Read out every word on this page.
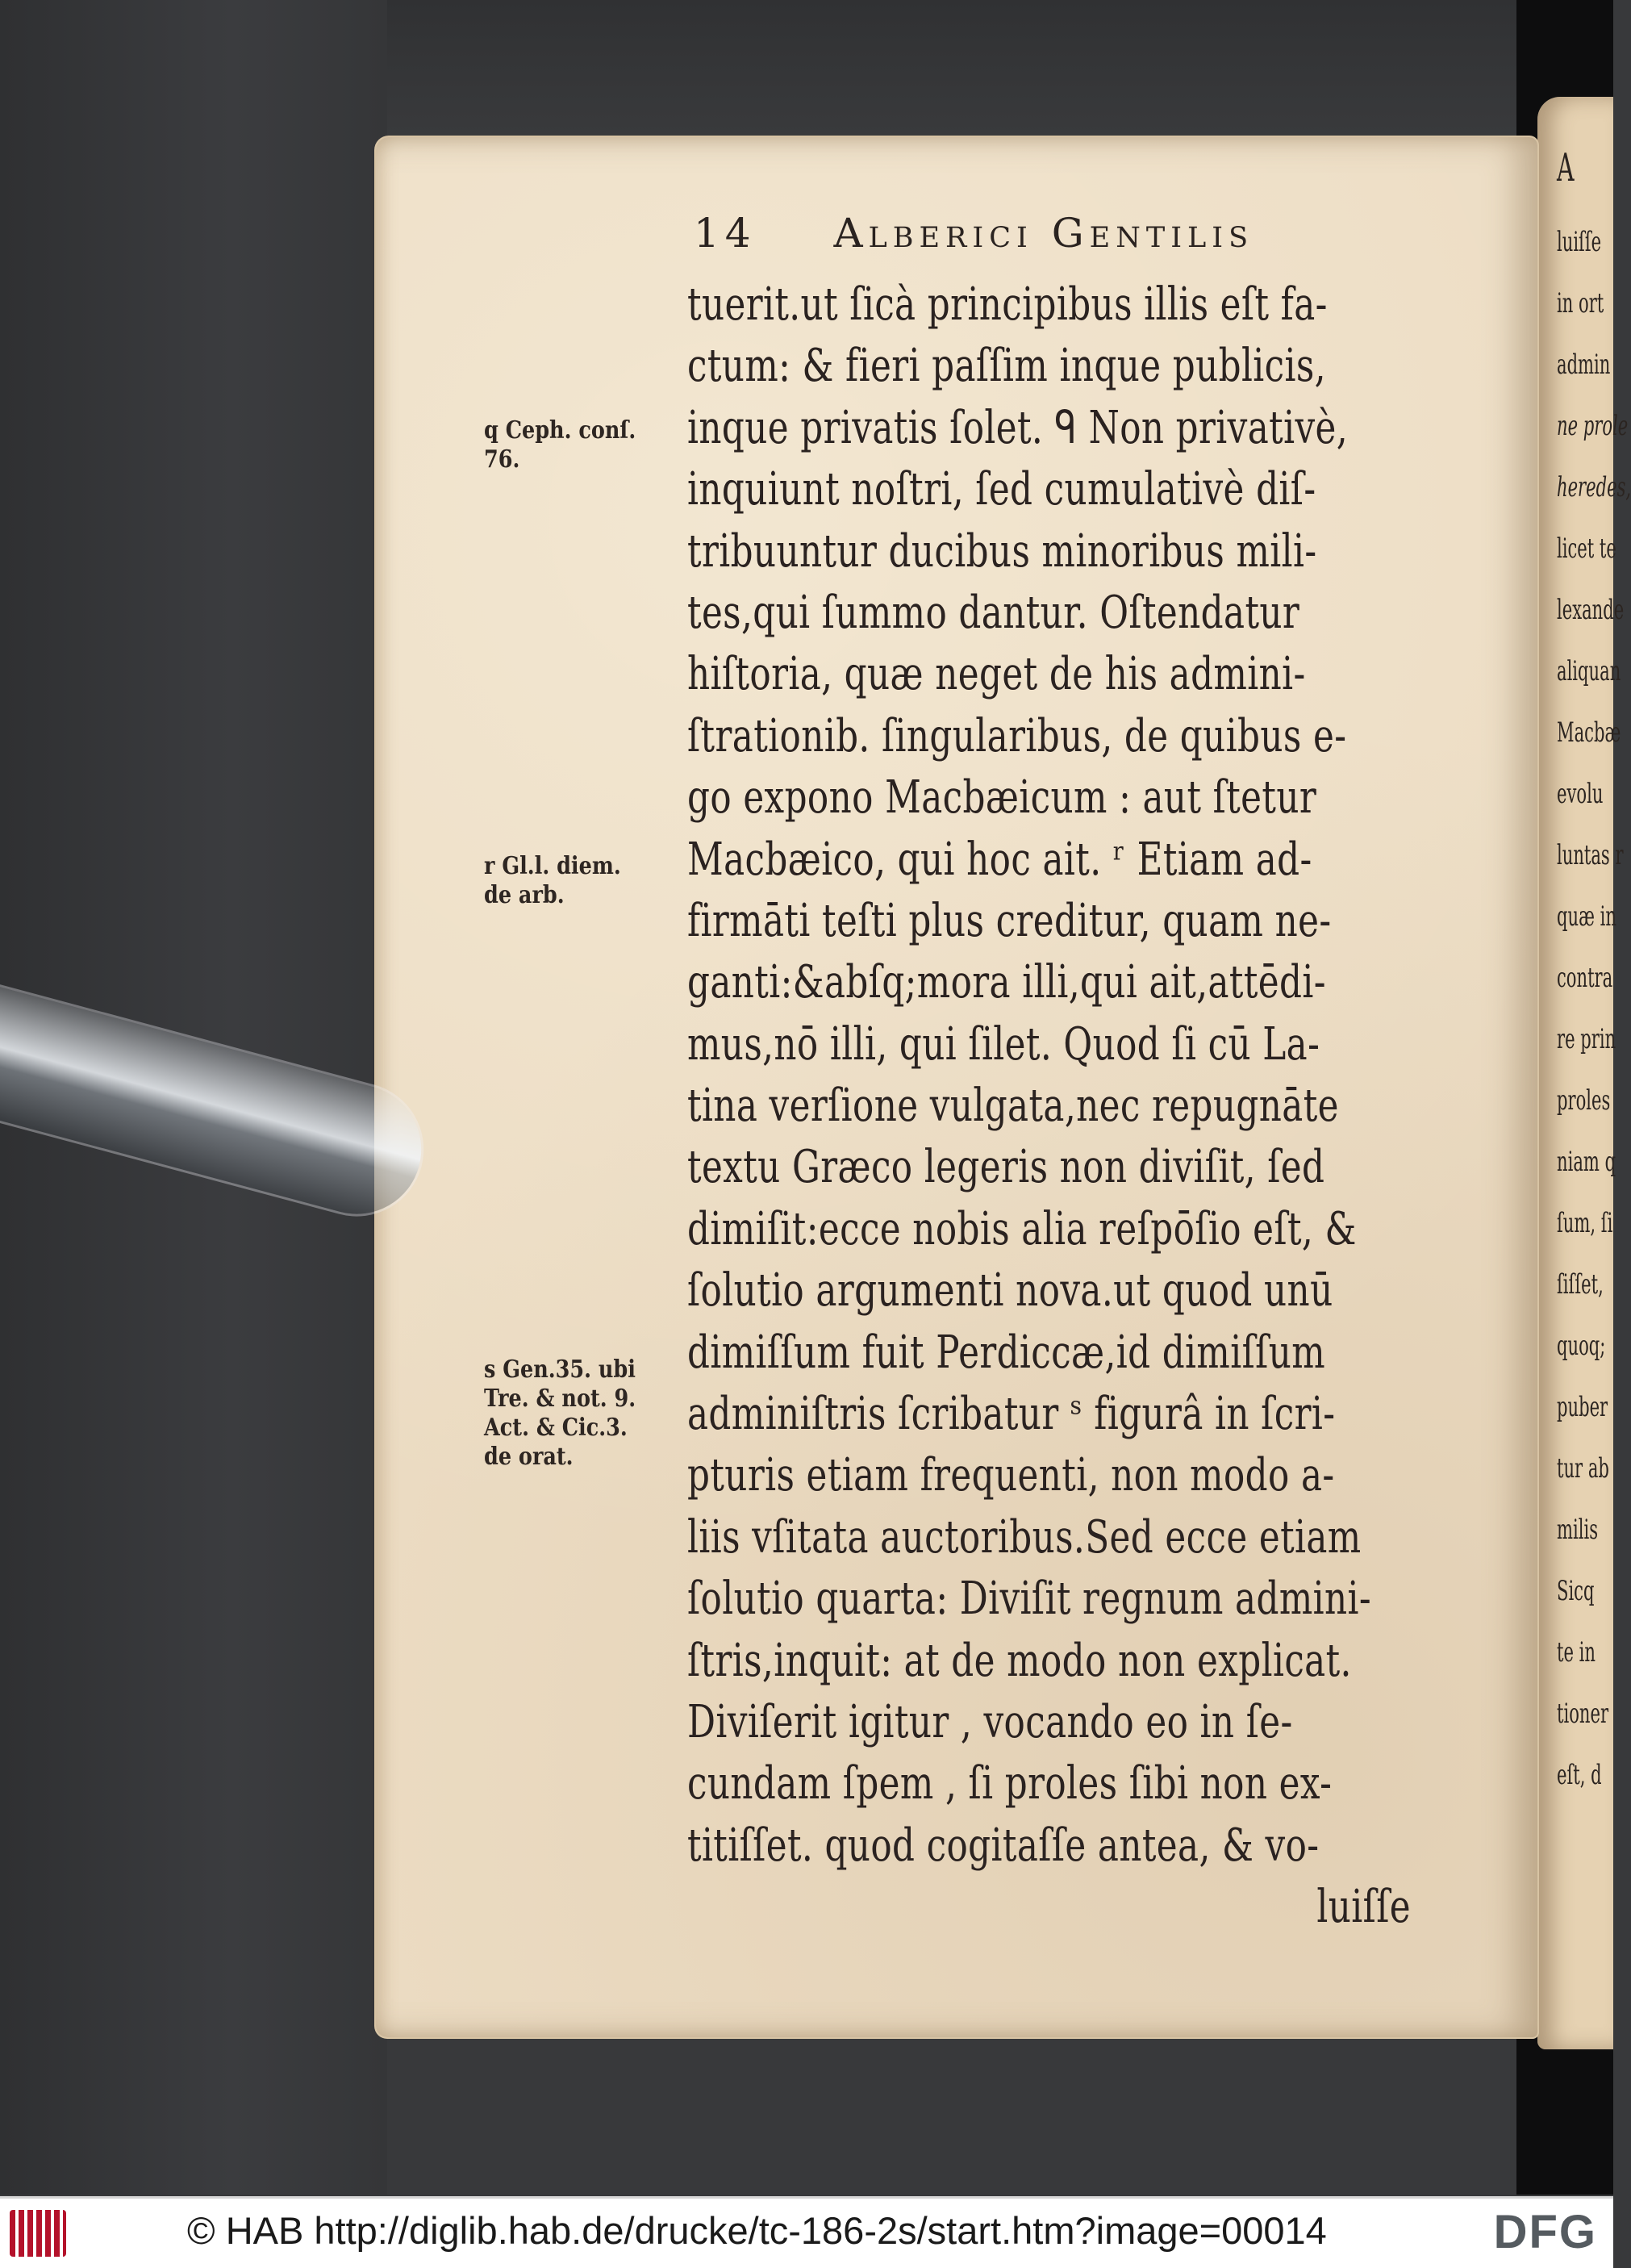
A
luiſſe
in ort
admin
ne prole
heredes,
licet te
lexande
aliquan
Macbæ
evolu
luntas r
quæ in
contra
re prin
proles
niam q
ſum, ſi
ſiſſet,
quoq;
puber
tur ab
milis
Sicq
te in
tioner
eſt, d
14 Alberici Gentilis
tuerit.ut ſicà principibus illis eſt fa-
ctum: & fieri paſſim inque publicis,
inque privatis ſolet. ᑫ Non privativè,
inquiunt noſtri, ſed cumulativè diſ-
tribuuntur ducibus minoribus mili-
tes,qui ſummo dantur. Oſtendatur
hiſtoria, quæ neget de his admini-
ſtrationib. ſingularibus, de quibus e-
go expono Macbæicum : aut ſtetur
Macbæico, qui hoc ait. ʳ Etiam ad-
firmāti teſti plus creditur, quam ne-
ganti:&abſq;mora illi,qui ait,attēdi-
mus,nō illi, qui ſilet. Quod ſi cū La-
tina verſione vulgata,nec repugnāte
textu Græco legeris non diviſit, ſed
dimiſit:ecce nobis alia reſpōſio eſt, &
ſolutio argumenti nova.ut quod unū
dimiſſum fuit Perdiccæ,id dimiſſum
adminiſtris ſcribatur ˢ figurâ in ſcri-
pturis etiam frequenti, non modo a-
liis vſitata auctoribus.Sed ecce etiam
ſolutio quarta: Diviſit regnum admini-
ſtris,inquit: at de modo non explicat.
Diviſerit igitur , vocando eo in ſe-
cundam ſpem , ſi proles ſibi non ex-
titiſſet. quod cogitaſſe antea, & vo-
luiſſe
q Ceph. conſ.
76.
r Gl.l. diem.
de arb.
s Gen.35. ubi
Tre. & not. 9.
Act. & Cic.3.
de orat.
© HAB http://diglib.hab.de/drucke/tc-186-2s/start.htm?image=00014	DFG
